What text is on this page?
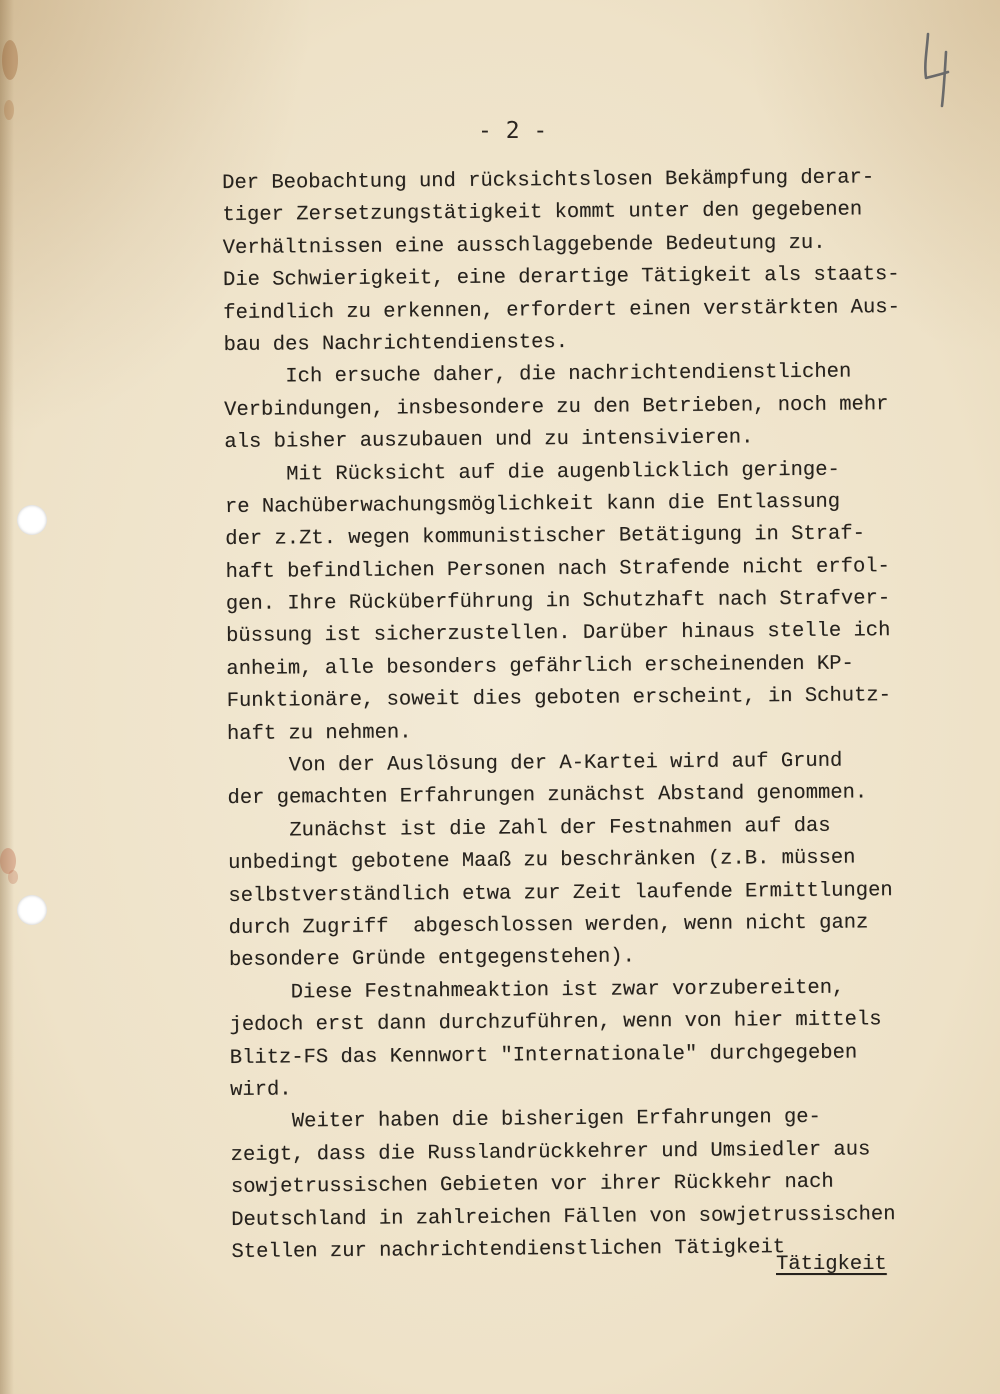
- 2 -
Der Beobachtung und rücksichtslosen Bekämpfung derar-
tiger Zersetzungstätigkeit kommt unter den gegebenen
Verhältnissen eine ausschlaggebende Bedeutung zu.
Die Schwierigkeit, eine derartige Tätigkeit als staats-
feindlich zu erkennen, erfordert einen verstärkten Aus-
bau des Nachrichtendienstes.
Ich ersuche daher, die nachrichtendienstlichen
Verbindungen, insbesondere zu den Betrieben, noch mehr
als bisher auszubauen und zu intensivieren.
Mit Rücksicht auf die augenblicklich geringe-
re Nachüberwachungsmöglichkeit kann die Entlassung
der z.Zt. wegen kommunistischer Betätigung in Straf-
haft befindlichen Personen nach Strafende nicht erfol-
gen. Ihre Rücküberführung in Schutzhaft nach Strafver-
büssung ist sicherzustellen. Darüber hinaus stelle ich
anheim, alle besonders gefährlich erscheinenden KP-
Funktionäre, soweit dies geboten erscheint, in Schutz-
haft zu nehmen.
Von der Auslösung der A-Kartei wird auf Grund
der gemachten Erfahrungen zunächst Abstand genommen.
Zunächst ist die Zahl der Festnahmen auf das
unbedingt gebotene Maaß zu beschränken (z.B. müssen
selbstverständlich etwa zur Zeit laufende Ermittlungen
durch Zugriff  abgeschlossen werden, wenn nicht ganz
besondere Gründe entgegenstehen).
Diese Festnahmeaktion ist zwar vorzubereiten,
jedoch erst dann durchzuführen, wenn von hier mittels
Blitz-FS das Kennwort "Internationale" durchgegeben
wird.
Weiter haben die bisherigen Erfahrungen ge-
zeigt, dass die Russlandrückkehrer und Umsiedler aus
sowjetrussischen Gebieten vor ihrer Rückkehr nach
Deutschland in zahlreichen Fällen von sowjetrussischen
Stellen zur nachrichtendienstlichen Tätigkeit
Tätigkeit
